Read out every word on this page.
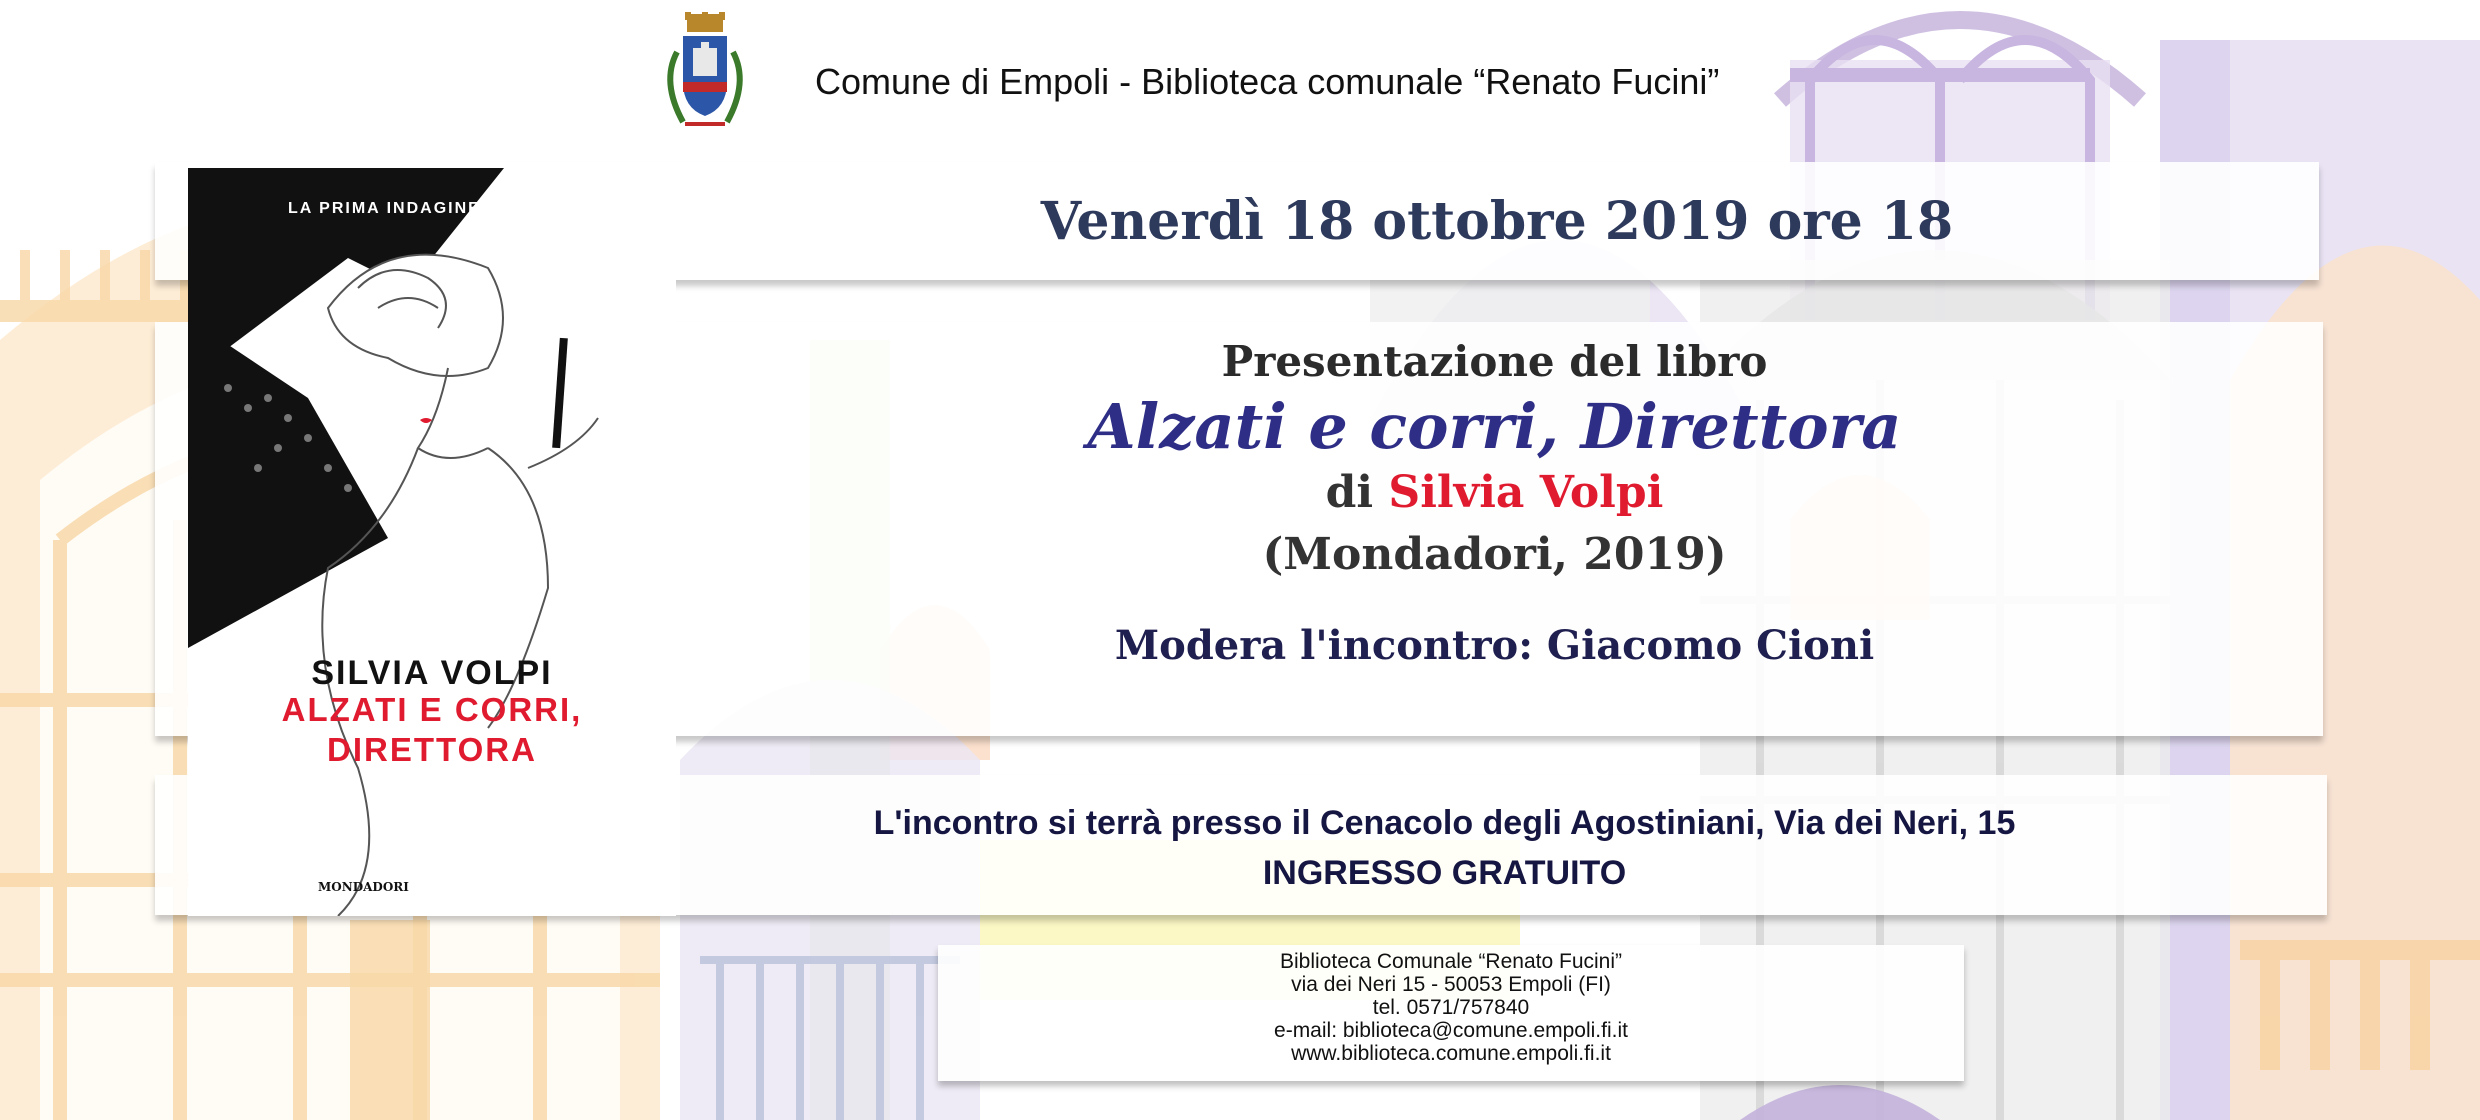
Comune di Empoli - Biblioteca comunale “Renato Fucini”
Venerdì 18 ottobre 2019 ore 18
Presentazione del libro
Alzati e corri, Direttora
di Silvia Volpi
(Mondadori, 2019)
Modera l'incontro: Giacomo Cioni
L'incontro si terrà presso il Cenacolo degli Agostiniani, Via dei Neri, 15
INGRESSO GRATUITO
Biblioteca Comunale “Renato Fucini”
via dei Neri 15 - 50053 Empoli (FI)
tel. 0571/757840
e-mail: biblioteca@comune.empoli.fi.it
www.biblioteca.comune.empoli.fi.it
LA PRIMA INDAGINE DI ELSA GUIDI
SILVIA VOLPI
ALZATI E CORRI,
DIRETTORA
MONDADORI
